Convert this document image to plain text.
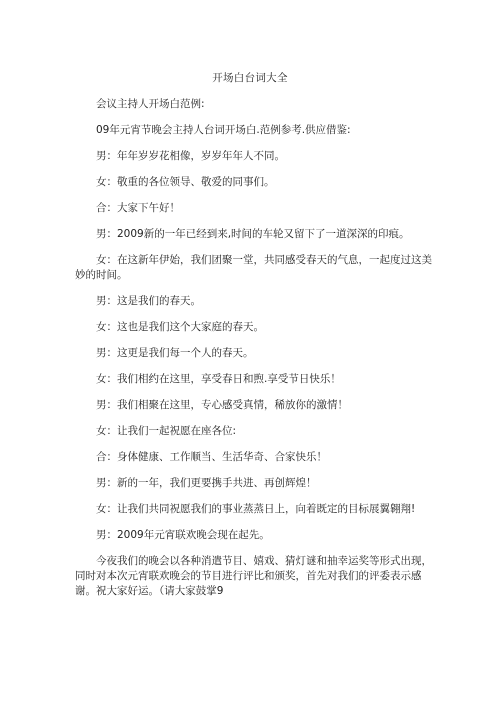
开场白台词大全

会议主持人开场白范例:

09年元宵节晚会主持人台词开场白.范例参考.供应借鉴:

男：年年岁岁花相像，岁岁年年人不同。

女：敬重的各位领导、敬爱的同事们。

合：大家下午好！

男：2009新的一年已经到来,时间的车轮又留下了一道深深的印痕。

女：在这新年伊始，我们团聚一堂，共同感受春天的气息，一起度过这美妙的时间。

男：这是我们的春天。

女：这也是我们这个大家庭的春天。

男：这更是我们每一个人的春天。

女：我们相约在这里，享受春日和煦.享受节日快乐！

男：我们相聚在这里，专心感受真情，稀放你的激情！

女：让我们一起祝愿在座各位:

合：身体健康、工作顺当、生活华奇、合家快乐！

男：新的一年，我们更要携手共进、再创辉煌！

女：让我们共同祝愿我们的事业蒸蒸日上，向着既定的目标展翼翱翔!

男：2009年元宵联欢晚会现在起先。

今夜我们的晚会以各种消遣节目、嬉戏、猜灯谜和抽幸运奖等形式出现，同时对本次元宵联欢晚会的节目进行评比和颁奖，首先对我们的评委表示感谢。祝大家好运。（请大家鼓掌9
